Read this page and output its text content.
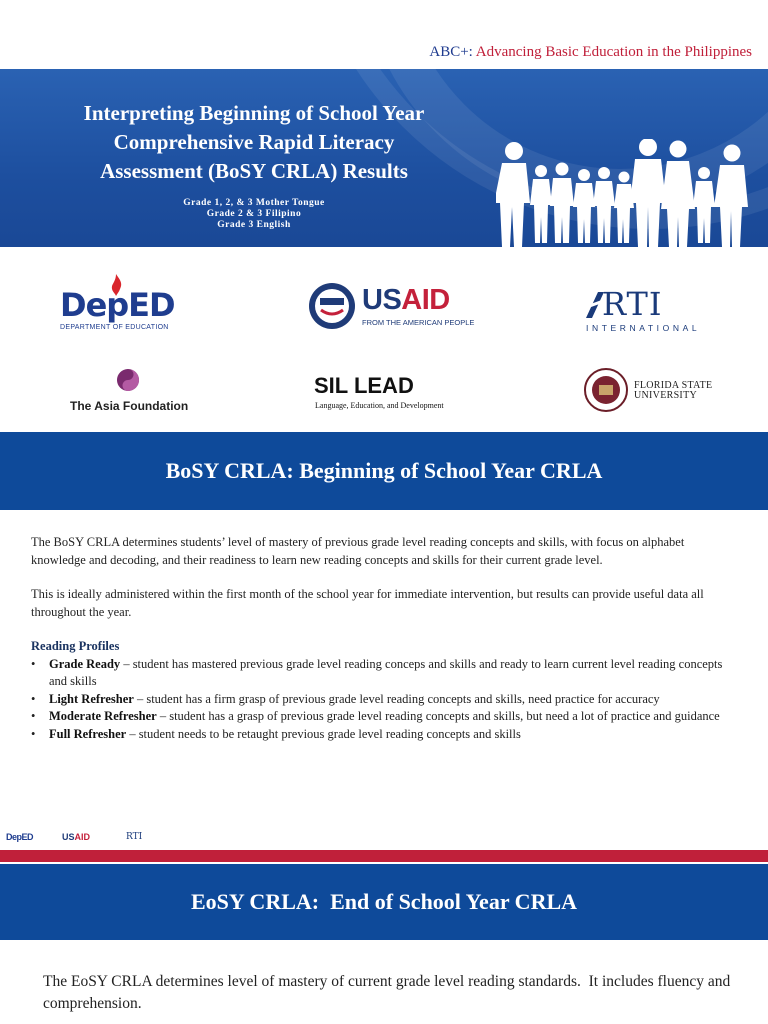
ABC+: Advancing Basic Education in the Philippines
Interpreting Beginning of School Year
Comprehensive Rapid Literacy
Assessment (BoSY CRLA) Results
Grade 1, 2, & 3 Mother Tongue
Grade 2 & 3 Filipino
Grade 3 English
DepED
DEPARTMENT OF EDUCATION
USAID
FROM THE AMERICAN PEOPLE	RTI
INTERNATIONAL
The Asia Foundation
SIL LEAD
Language, Education, and Development
FLORIDA STATE
UNIVERSITY
BoSY CRLA: Beginning of School Year CRLA

The BoSY CRLA determines students’ level of mastery of previous grade level reading concepts and skills, with focus on alphabet knowledge and decoding, and their readiness to learn new reading concepts and skills for their current grade level.

This is ideally administered within the first month of the school year for immediate intervention, but results can provide useful data all throughout the year.

Reading Profiles

• Grade Ready – student has mastered previous grade level reading conceps and skills and ready to learn current level reading concepts and skills
• Light Refresher – student has a firm grasp of previous grade level reading concepts and skills, need practice for accuracy
• Moderate Refresher – student has a grasp of previous grade level reading concepts and skills, but need a lot of practice and guidance
• Full Refresher – student needs to be retaught previous grade level reading concepts and skills
DepED	USAID	RTI
EoSY CRLA:  End of School Year CRLA
The EoSY CRLA determines level of mastery of current grade level reading standards.  It includes fluency and comprehension.
